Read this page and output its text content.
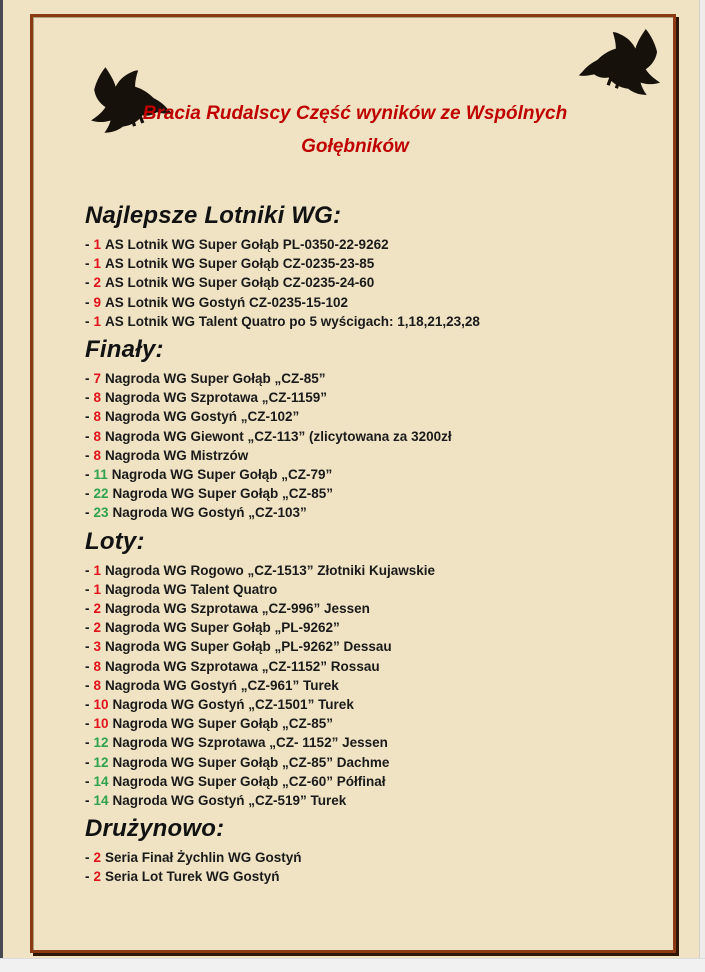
Bracia Rudalscy Część wyników ze Wspólnych
Gołębników
Najlepsze Lotniki WG:
- 1 AS Lotnik WG Super Gołąb PL-0350-22-9262
- 1 AS Lotnik WG Super Gołąb CZ-0235-23-85
- 2 AS Lotnik WG Super Gołąb CZ-0235-24-60
- 9 AS Lotnik WG Gostyń CZ-0235-15-102
- 1 AS Lotnik WG Talent Quatro po 5 wyścigach: 1,18,21,23,28
Finały:
- 7 Nagroda WG Super Gołąb „CZ-85”
- 8 Nagroda WG Szprotawa „CZ-1159”
- 8 Nagroda WG Gostyń „CZ-102”
- 8 Nagroda WG Giewont „CZ-113” (zlicytowana za 3200zł
- 8 Nagroda WG Mistrzów
- 11 Nagroda WG Super Gołąb „CZ-79”
- 22 Nagroda WG Super Gołąb „CZ-85”
- 23 Nagroda WG Gostyń „CZ-103”
Loty:
- 1 Nagroda WG Rogowo „CZ-1513” Złotniki Kujawskie
- 1 Nagroda WG Talent Quatro
- 2 Nagroda WG Szprotawa „CZ-996” Jessen
- 2 Nagroda WG Super Gołąb „PL-9262”
- 3 Nagroda WG Super Gołąb „PL-9262” Dessau
- 8 Nagroda WG Szprotawa „CZ-1152” Rossau
- 8 Nagroda WG Gostyń „CZ-961” Turek
- 10 Nagroda WG Gostyń „CZ-1501” Turek
- 10 Nagroda WG Super Gołąb „CZ-85”
- 12 Nagroda WG Szprotawa „CZ- 1152” Jessen
- 12 Nagroda WG Super Gołąb „CZ-85” Dachme
- 14 Nagroda WG Super Gołąb „CZ-60” Półfinał
- 14 Nagroda WG Gostyń „CZ-519” Turek
Drużynowo:
- 2 Seria Finał Żychlin WG Gostyń
- 2 Seria Lot Turek WG Gostyń
